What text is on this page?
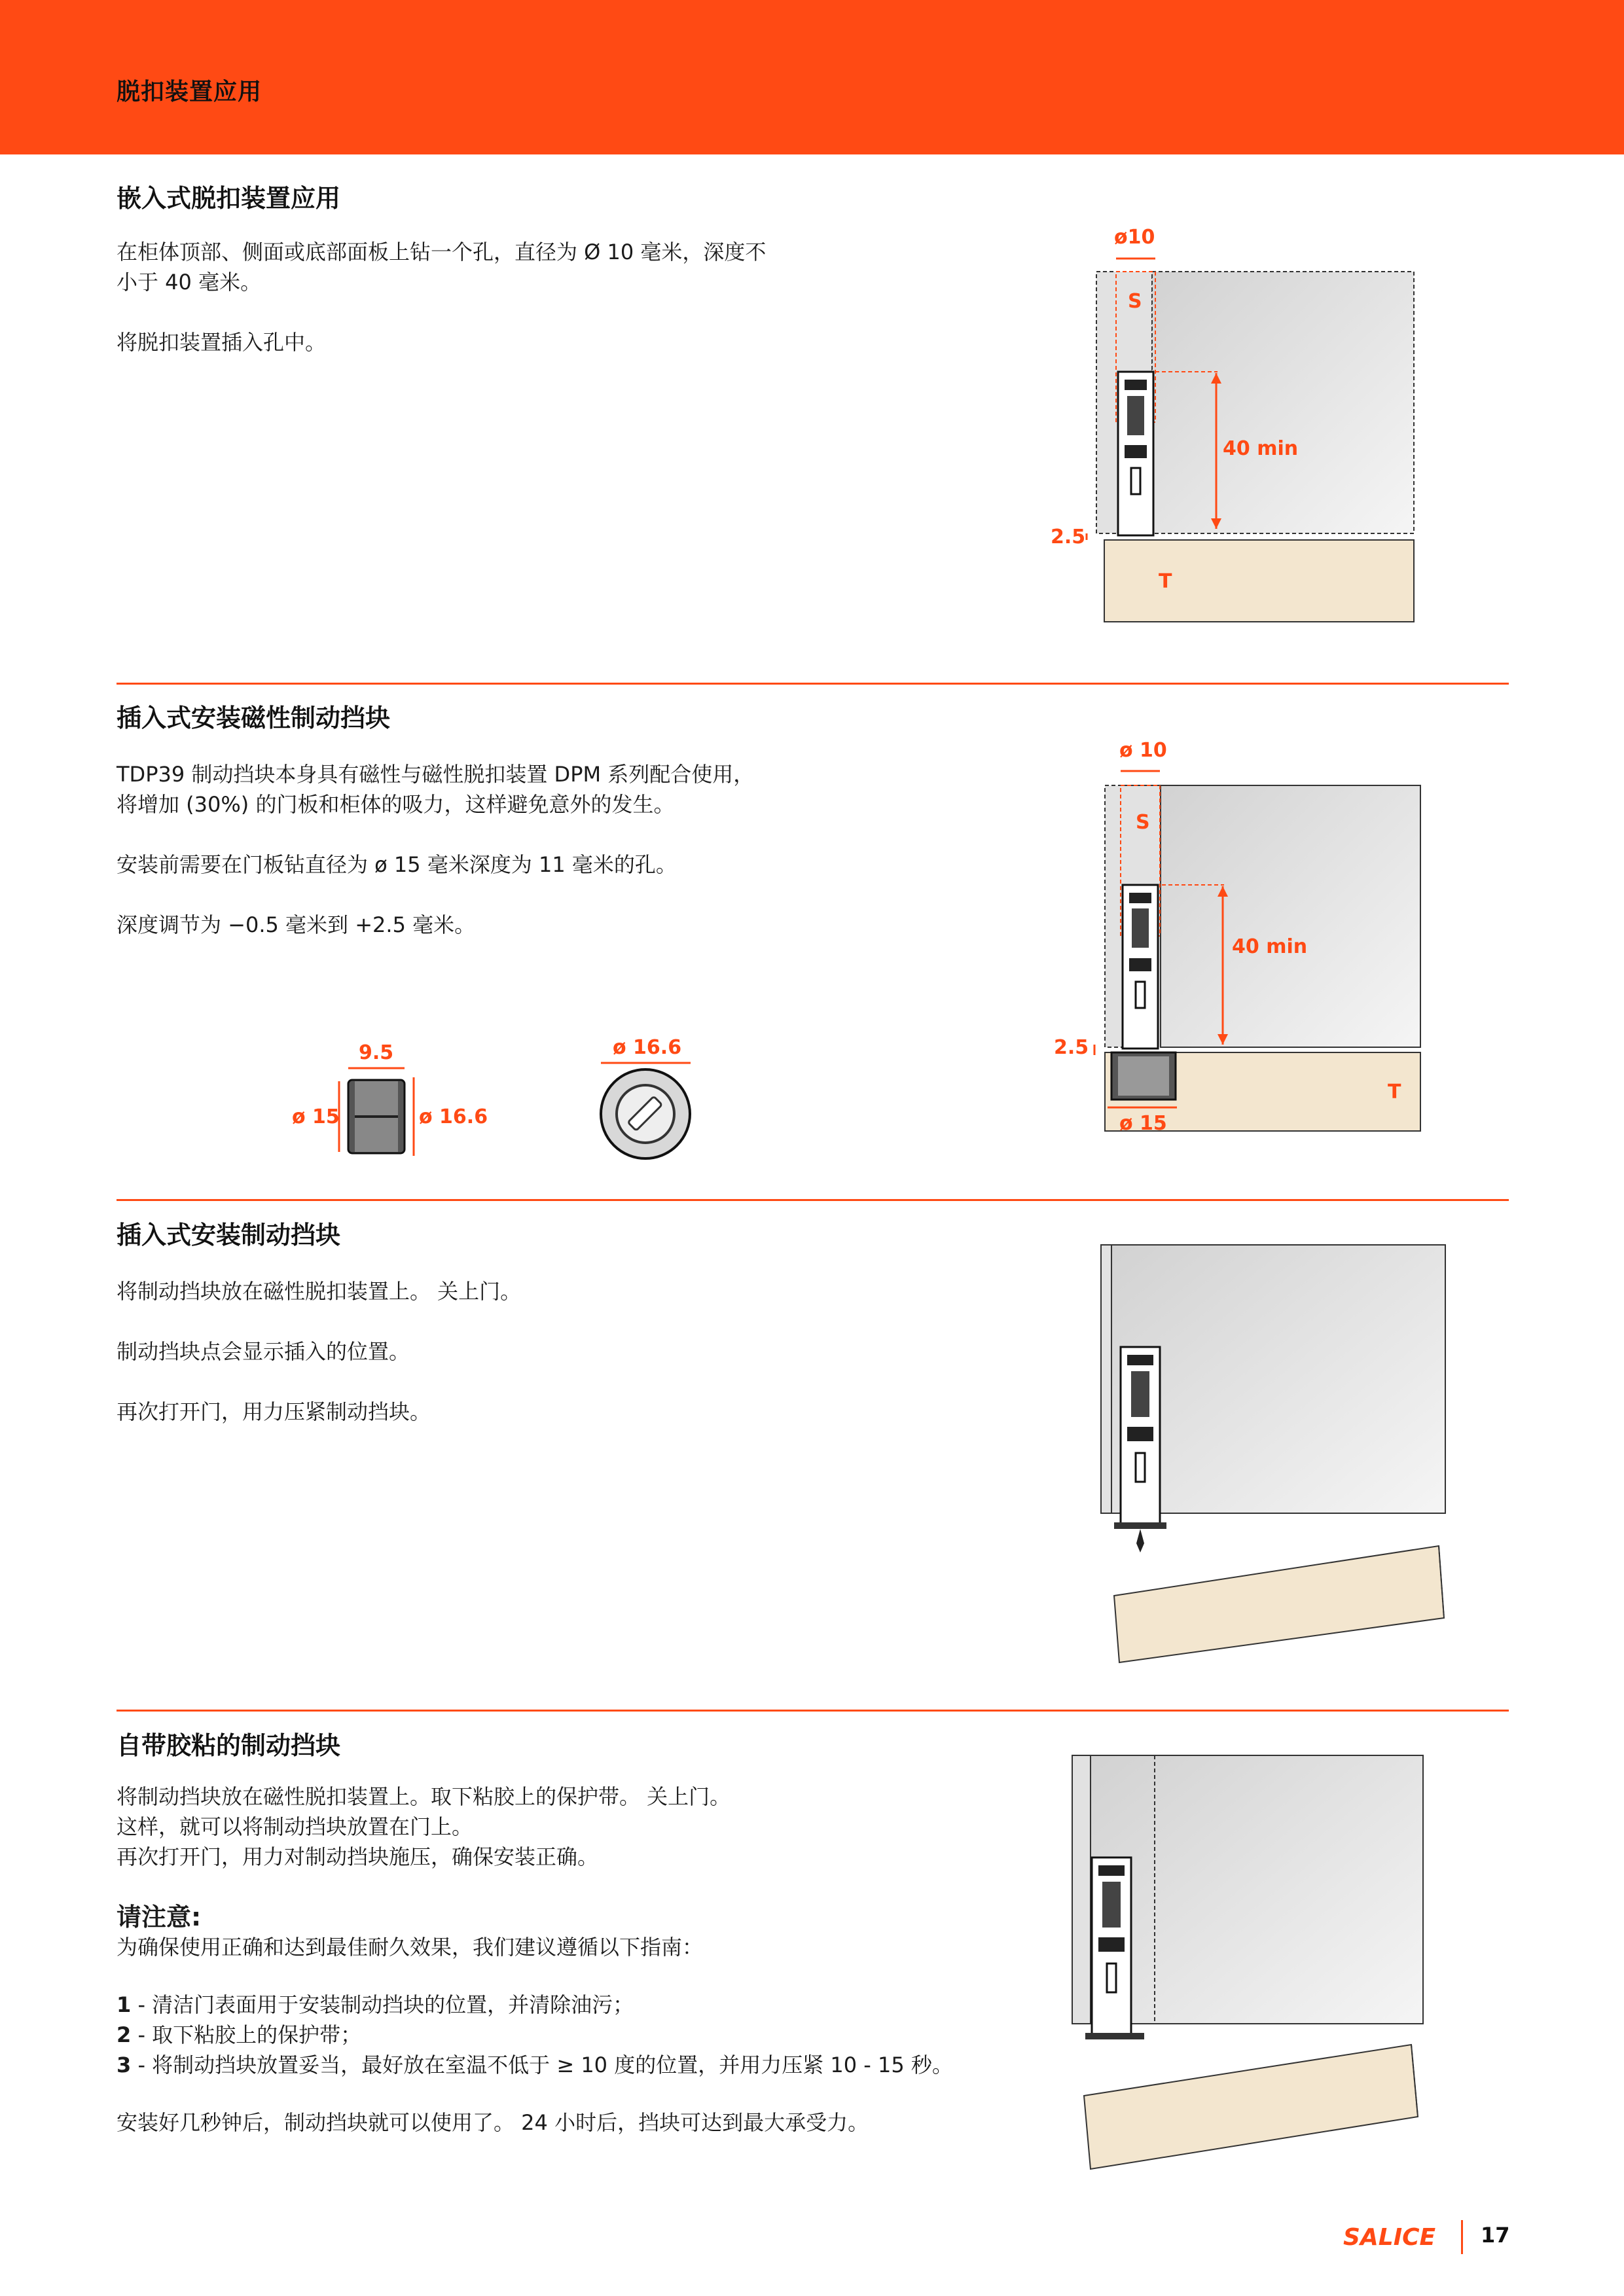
脱扣装置应用
嵌入式脱扣装置应用
在柜体顶部、侧面或底部面板上钻一个孔，直径为 Ø 10 毫米，深度不
小于 40 毫米。
将脱扣装置插入孔中。
40 min
ø10
S
T
2.5
插入式安装磁性制动挡块
TDP39 制动挡块本身具有磁性与磁性脱扣装置 DPM 系列配合使用，
将增加 (30%) 的门板和柜体的吸力，这样避免意外的发生。
安装前需要在门板钻直径为 ø 15 毫米深度为 11 毫米的孔。
深度调节为 −0.5 毫米到 +2.5 毫米。
9.5
ø 15	ø 16.6
ø 16.6
40 min
ø 10
S
ø 15
T
2.5
插入式安装制动挡块
将制动挡块放在磁性脱扣装置上。 关上门。
制动挡块点会显示插入的位置。
再次打开门，用力压紧制动挡块。
自带胶粘的制动挡块
将制动挡块放在磁性脱扣装置上。取下粘胶上的保护带。 关上门。
这样，就可以将制动挡块放置在门上。
再次打开门，用力对制动挡块施压，确保安装正确。
请注意:
为确保使用正确和达到最佳耐久效果，我们建议遵循以下指南：
1 - 清洁门表面用于安装制动挡块的位置，并清除油污；
2 - 取下粘胶上的保护带；
3 - 将制动挡块放置妥当，最好放在室温不低于 ≥ 10 度的位置，并用力压紧 10 - 15 秒。
安装好几秒钟后，制动挡块就可以使用了。 24 小时后，挡块可达到最大承受力。
SALICE 17
